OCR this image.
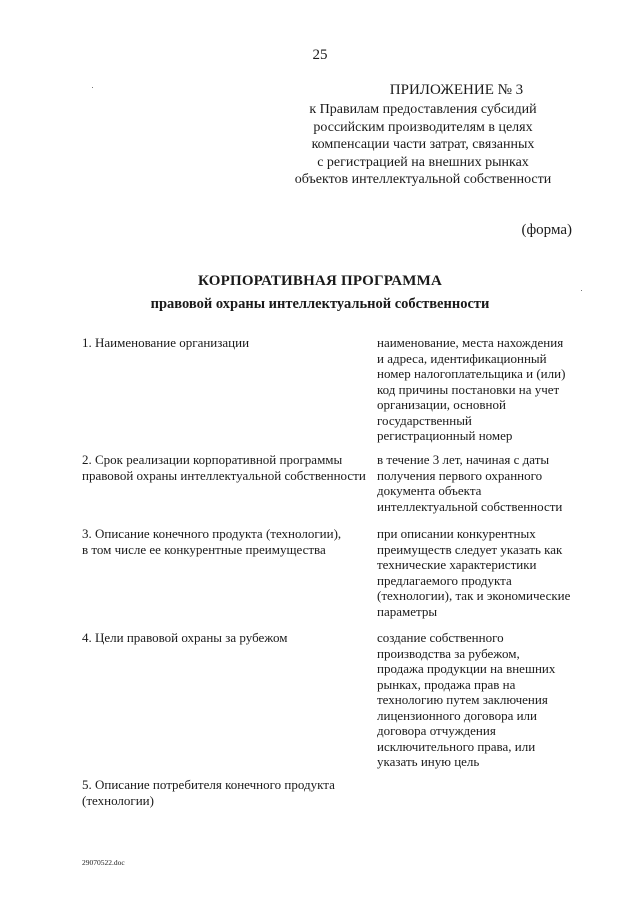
25
ПРИЛОЖЕНИЕ № 3
к Правилам предоставления субсидий
российским производителям в целях
компенсации части затрат, связанных
с регистрацией на внешних рынках
объектов интеллектуальной собственности
(форма)
КОРПОРАТИВНАЯ ПРОГРАММА
правовой охраны интеллектуальной собственности
1. Наименование организации	наименование, места нахождения
и адреса, идентификационный
номер налогоплательщика и (или)
код причины постановки на учет
организации, основной
государственный
регистрационный номер
2. Срок реализации корпоративной программы
правовой охраны интеллектуальной собственности
в течение 3 лет, начиная с даты
получения первого охранного
документа объекта
интеллектуальной собственности
3. Описание конечного продукта (технологии),
в том числе ее конкурентные преимущества
при описании конкурентных
преимуществ следует указать как
технические характеристики
предлагаемого продукта
(технологии), так и экономические
параметры
4. Цели правовой охраны за рубежом	создание собственного
производства за рубежом,
продажа продукции на внешних
рынках, продажа прав на
технологию путем заключения
лицензионного договора или
договора отчуждения
исключительного права, или
указать иную цель
5. Описание потребителя конечного продукта
(технологии)
29070522.doc
